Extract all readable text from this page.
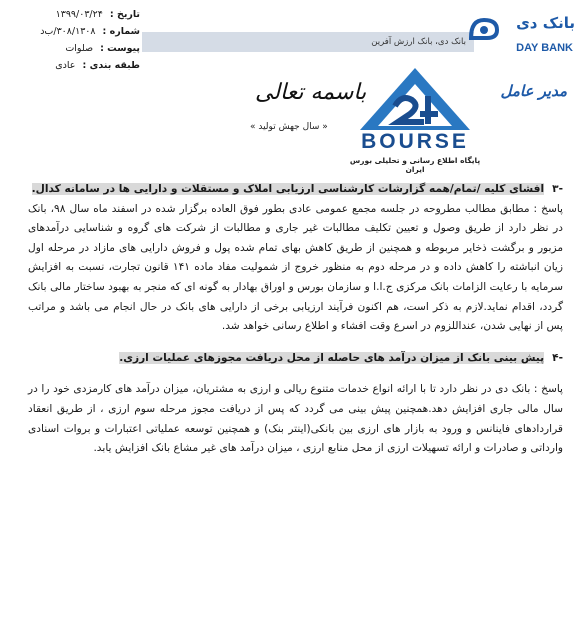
تاریخ : ۱۳۹۹/۰۳/۲۴
شماره : ۳۰۸/۱۳۰۸/ب‌ﺩ
پیوست : صلوات
طبقه بندی : عادی
بانک دی، بانک ارزش آفرین
بانک دی
DAY BANK
باسمه تعالی
« سال جهش تولید »
BOURSE
پایگاه اطلاع رسانی و تحلیلی بورس ایران
مدیر عامل
-۳افشای کلیه /تمام/همه گزارشات کارشناسی ارزیابی املاک و مستقلات و دارایی ها در سامانه کدال.

پاسخ : مطابق مطالب مطروحه در جلسه مجمع عمومی عادی بطور فوق العاده برگزار شده در اسفند ماه سال ۹۸، بانک در نظر دارد از طریق وصول و تعیین تکلیف مطالبات غیر جاری و مطالبات از شرکت های گروه و شناسایی درآمدهای مزبور و برگشت ذخایر مربوطه و همچنین از طریق کاهش بهای تمام شده پول و فروش دارایی های مازاد در مرحله اول زیان انباشته را کاهش داده و در مرحله دوم به منظور خروج از شمولیت مفاد ماده ۱۴۱ قانون تجارت، نسبت به افزایش سرمایه با رعایت الزامات بانک مرکزی ج.ا.ا و سازمان بورس و اوراق بهادار به گونه ای که منجر به بهبود ساختار مالی بانک گردد، اقدام نماید.لازم به ذکر است، هم اکنون فرآیند ارزیابی برخی از دارایی های بانک در حال انجام می باشد و مراتب پس از نهایی شدن، عنداللزوم در اسرع وقت افشاء و اطلاع رسانی خواهد شد.

-۴پیش بینی بانک از میزان درآمد های حاصله از محل دریافت مجوزهای عملیات ارزی.

پاسخ : بانک دی در نظر دارد تا با ارائه انواع خدمات متنوع ریالی و ارزی به مشتریان، میزان درآمد های کارمزدی خود را در سال مالی جاری افزایش دهد.همچنین پیش بینی می گردد که پس از دریافت مجوز مرحله سوم ارزی ، از طریق انعقاد قراردادهای فاینانس و ورود به بازار های ارزی بین بانکی(اینتر بنک) و همچنین توسعه عملیاتی اعتبارات و بروات اسنادی وارداتی و صادرات و ارائه تسهیلات ارزی از محل منابع ارزی ، میزان درآمد های غیر مشاع بانک افزایش یابد.
